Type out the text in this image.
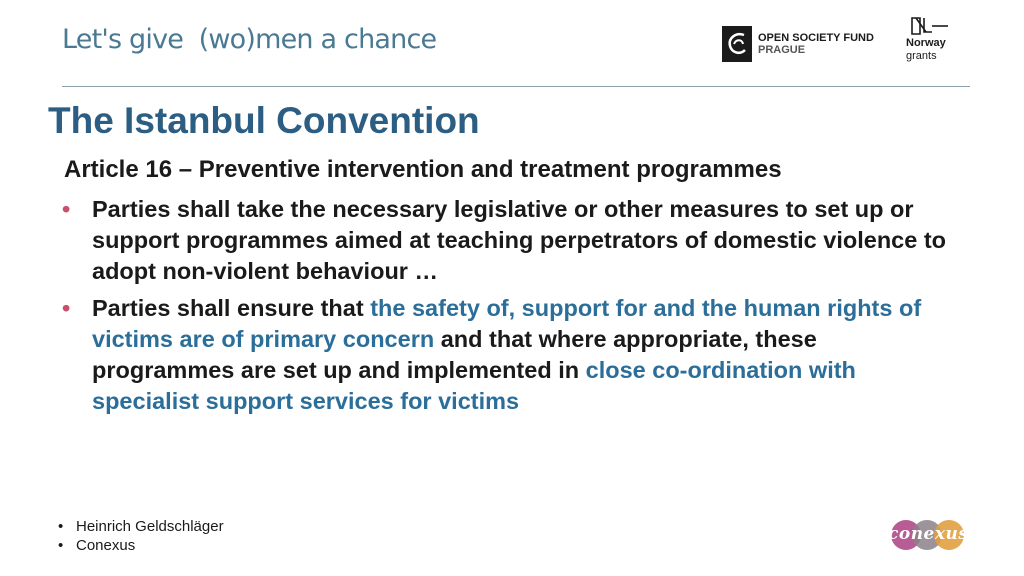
Let's give  (wo)men a chance	OPEN SOCIETY FUND
PRAGUE
Norway
grants
The Istanbul Convention
Article 16 – Preventive intervention and treatment programmes
• Parties shall take the necessary legislative or other measures to set up or support programmes aimed at teaching perpetrators of domestic violence to adopt non-violent behaviour …
• Parties shall ensure that the safety of, support for and the human rights of victims are of primary concern and that where appropriate, these programmes are set up and implemented in close co-ordination with specialist support services for victims
• Heinrich Geldschläger
• Conexus
conexus
